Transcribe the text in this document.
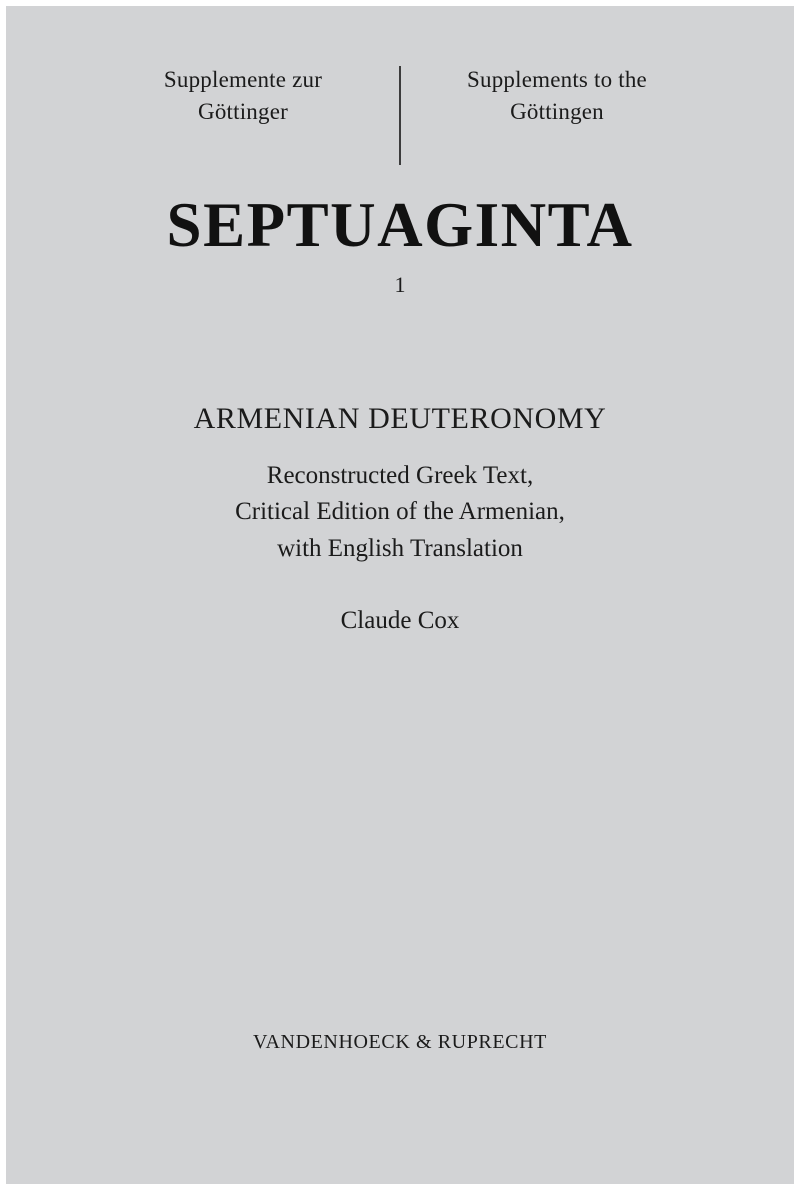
Supplemente zur
Göttinger
Supplements to the
Göttingen
SEPTUAGINTA
1
ARMENIAN DEUTERONOMY
Reconstructed Greek Text,
Critical Edition of the Armenian,
with English Translation
Claude Cox
VANDENHOECK & RUPRECHT
